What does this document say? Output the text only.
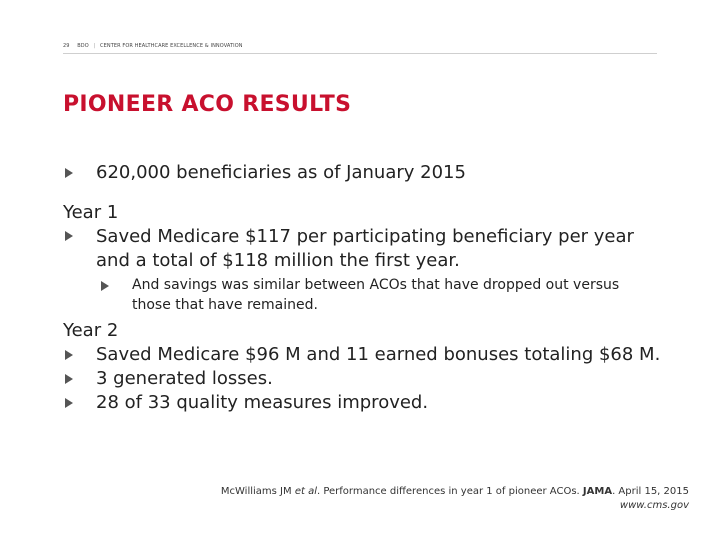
29 BDO | CENTER FOR HEALTHCARE EXCELLENCE & INNOVATION
PIONEER ACO RESULTS
620,000 beneficiaries as of January 2015
Year 1
Saved Medicare $117 per participating beneficiary per year and a total of $118 million the first year.
And savings was similar between ACOs that have dropped out versus those that have remained.
Year 2
Saved Medicare $96 M and 11 earned bonuses totaling $68 M.
3 generated losses.
28 of 33 quality measures improved.
McWilliams JM et al. Performance differences in year 1 of pioneer ACOs. JAMA. April 15, 2015
www.cms.gov
